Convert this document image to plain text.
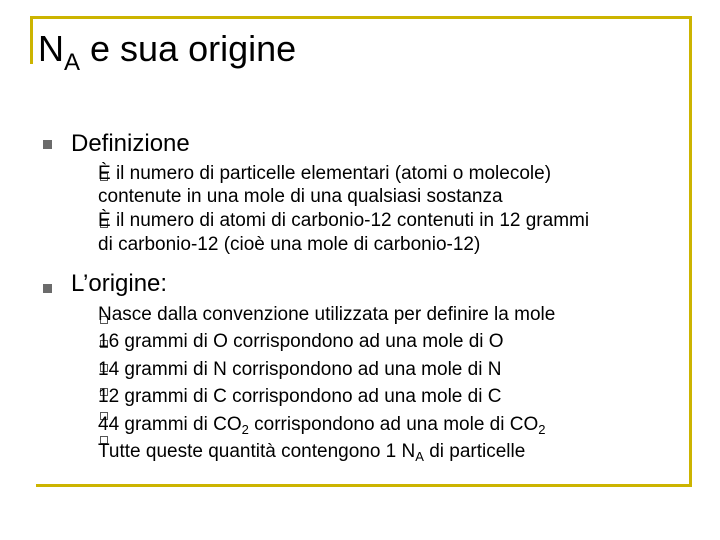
$N_A$ e sua origine
Definizione
È il numero di particelle elementari (atomi o molecole)
contenute in una mole di una qualsiasi sostanza
È il numero di atomi di carbonio-12 contenuti in 12 grammi
di carbonio-12 (cioè una mole di carbonio-12)
L’origine:
Nasce dalla convenzione utilizzata per definire la mole
16 grammi di O corrispondono ad una mole di O
14 grammi di N corrispondono ad una mole di N
12 grammi di C corrispondono ad una mole di C
44 grammi di $CO_2$ corrispondono ad una mole di $CO_2$
Tutte queste quantità contengono 1 $N_A$ di particelle
